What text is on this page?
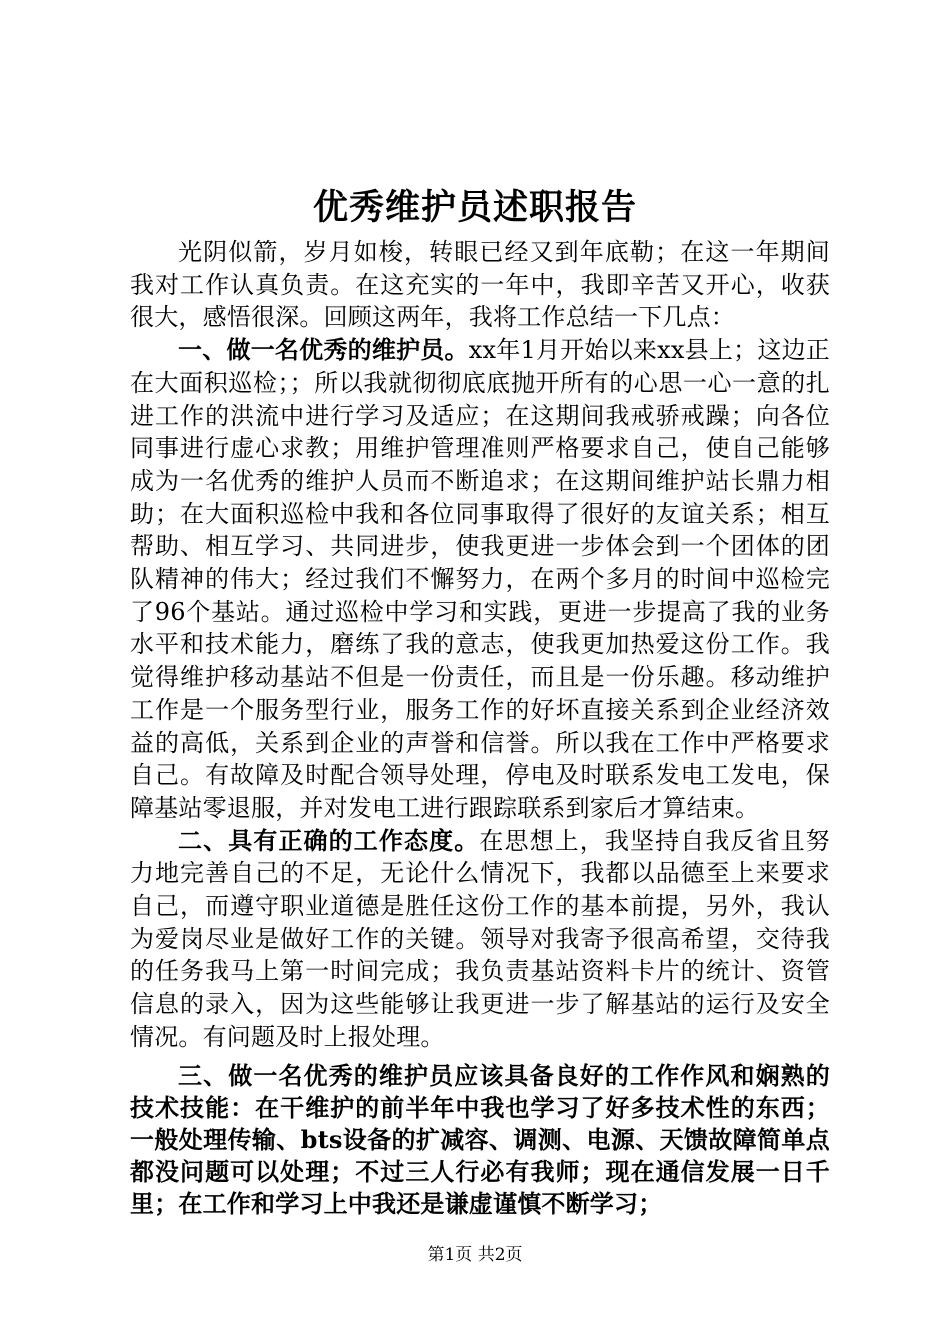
优秀维护员述职报告

光阴似箭，岁月如梭，转眼已经又到年底勒；在这一年期间我对工作认真负责。在这充实的一年中，我即辛苦又开心，收获很大，感悟很深。回顾这两年，我将工作总结一下几点：

一、做一名优秀的维护员。xx年1月开始以来xx县上；这边正在大面积巡检；；所以我就彻彻底底抛开所有的心思一心一意的扎进工作的洪流中进行学习及适应；在这期间我戒骄戒躁；向各位同事进行虚心求教；用维护管理准则严格要求自己，使自己能够成为一名优秀的维护人员而不断追求；在这期间维护站长鼎力相助；在大面积巡检中我和各位同事取得了很好的友谊关系；相互帮助、相互学习、共同进步，使我更进一步体会到一个团体的团队精神的伟大；经过我们不懈努力，在两个多月的时间中巡检完了96个基站。通过巡检中学习和实践，更进一步提高了我的业务水平和技术能力，磨练了我的意志，使我更加热爱这份工作。我觉得维护移动基站不但是一份责任，而且是一份乐趣。移动维护工作是一个服务型行业，服务工作的好坏直接关系到企业经济效益的高低，关系到企业的声誉和信誉。所以我在工作中严格要求自己。有故障及时配合领导处理，停电及时联系发电工发电，保障基站零退服，并对发电工进行跟踪联系到家后才算结束。

二、具有正确的工作态度。在思想上，我坚持自我反省且努力地完善自己的不足，无论什么情况下，我都以品德至上来要求自己，而遵守职业道德是胜任这份工作的基本前提，另外，我认为爱岗尽业是做好工作的关键。领导对我寄予很高希望，交待我的任务我马上第一时间完成；我负责基站资料卡片的统计、资管信息的录入，因为这些能够让我更进一步了解基站的运行及安全情况。有问题及时上报处理。

三、做一名优秀的维护员应该具备良好的工作作风和娴熟的技术技能：在干维护的前半年中我也学习了好多技术性的东西；一般处理传输、bts设备的扩减容、调测、电源、天馈故障简单点都没问题可以处理；不过三人行必有我师；现在通信发展一日千里；在工作和学习上中我还是谦虚谨慎不断学习；

第1页 共2页
